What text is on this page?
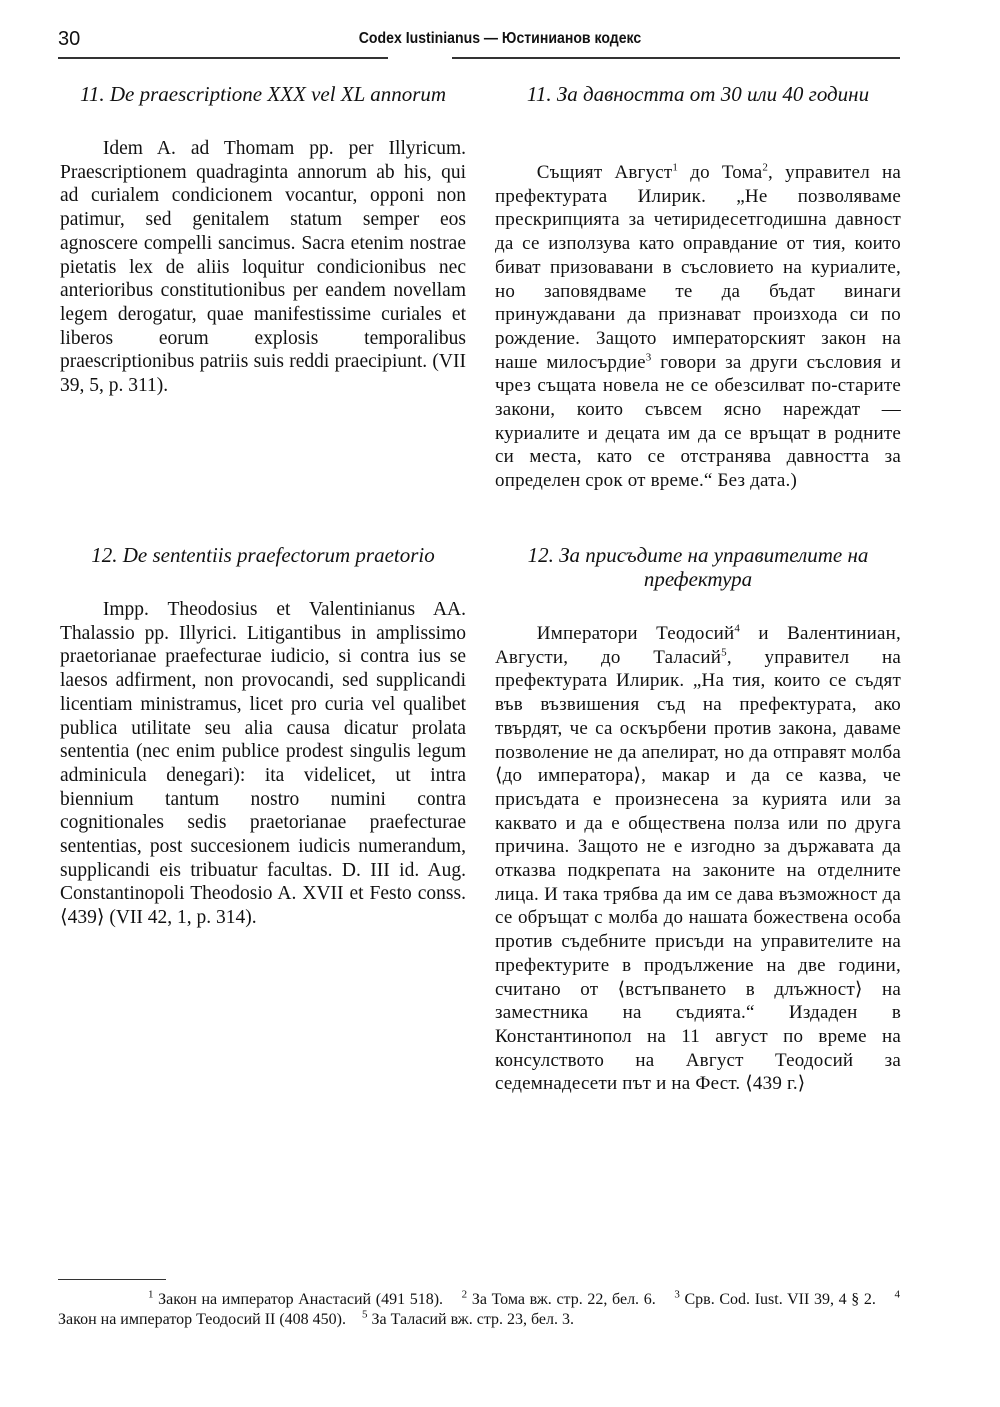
30	Codex Iustinianus — Юстинианов кодекс
11. De praescriptione XXX vel XL annorum
Idem A. ad Thomam pp. per Illyricum. Praescriptionem quadraginta annorum ab his, qui ad curialem condicionem vocantur, opponi non patimur, sed genitalem statum semper eos agnoscere compelli sancimus. Sacra etenim nostrae pietatis lex de aliis loquitur condicionibus nec anterioribus constitutionibus per eandem novellam legem derogatur, quae manifestissime curiales et liberos eorum explosis temporalibus praescriptionibus patriis suis reddi praecipiunt. (VII 39, 5, p. 311).
11. За давността от 30 или 40 години
Същият Август$^1$ до Тома$^2$, управител на префектурата Илирик. „Не позволяваме прескрипцията за четиридесетгодишна давност да се използува като оправдание от тия, които биват призовавани в съсловието на куриалите, но заповядваме те да бъдат винаги принуждавани да признават произхода си по рождение. Защото императорският закон на наше милосърдие$^3$ говори за други съсловия и чрез същата новела не се обезсилват по-старите закони, които съвсем ясно нареждат — куриалите и децата им да се връщат в родните си места, като се отстранява давността за определен срок от време.“ Без дата.)
12. De sententiis praefectorum praetorio
Impp. Theodosius et Valentinianus AA. Thalassio pp. Illyrici. Litigantibus in amplissimo praetorianae praefecturae iudicio, si contra ius se laesos adfirment, non provocandi, sed supplicandi licentiam ministramus, licet pro curia vel qualibet publica utilitate seu alia causa dicatur prolata sententia (nec enim publice prodest singulis legum adminicula denegari): ita videlicet, ut intra biennium tantum nostro numini contra cognitionales sedis praetorianae praefecturae sententias, post succesionem iudicis numerandum, supplicandi eis tribuatur facultas. D. III id. Aug. Constantinopoli Theodosio A. XVII et Festo conss. ⟨439⟩ (VII 42, 1, p. 314).
12. За присъдите на управителите на префектура
Императори Теодосий$^4$ и Валентиниан, Августи, до Таласий$^5$, управител на префектурата Илирик. „На тия, които се съдят във възвишения съд на префектурата, ако твърдят, че са оскърбени против закона, даваме позволение не да апелират, но да отправят молба ⟨до императора⟩, макар и да се казва, че присъдата е произнесена за курията или за каквато и да е обществена полза или по друга причина. Защото не е изгодно за държавата да отказва подкрепата на законите на отделните лица. И така трябва да им се дава възможност да се обръщат с молба до нашата божествена особа против съдебните присъди на управителите на префектурите в продължение на две години, считано от ⟨встъпването в длъжност⟩ на заместника на съдията.“ Издаден в Константинопол на 11 август по време на консулството на Август Теодосий за седемнадесети път и на Фест. ⟨439 г.⟩
$^1$ Закон на император Анастасий (491 518). $^2$ За Тома вж. стр. 22, бел. 6. $^3$ Срв. Cod. Iust. VII 39, 4 § 2. $^4$ Закон на император Теодосий II (408 450). $^5$ За Таласий вж. стр. 23, бел. 3.
